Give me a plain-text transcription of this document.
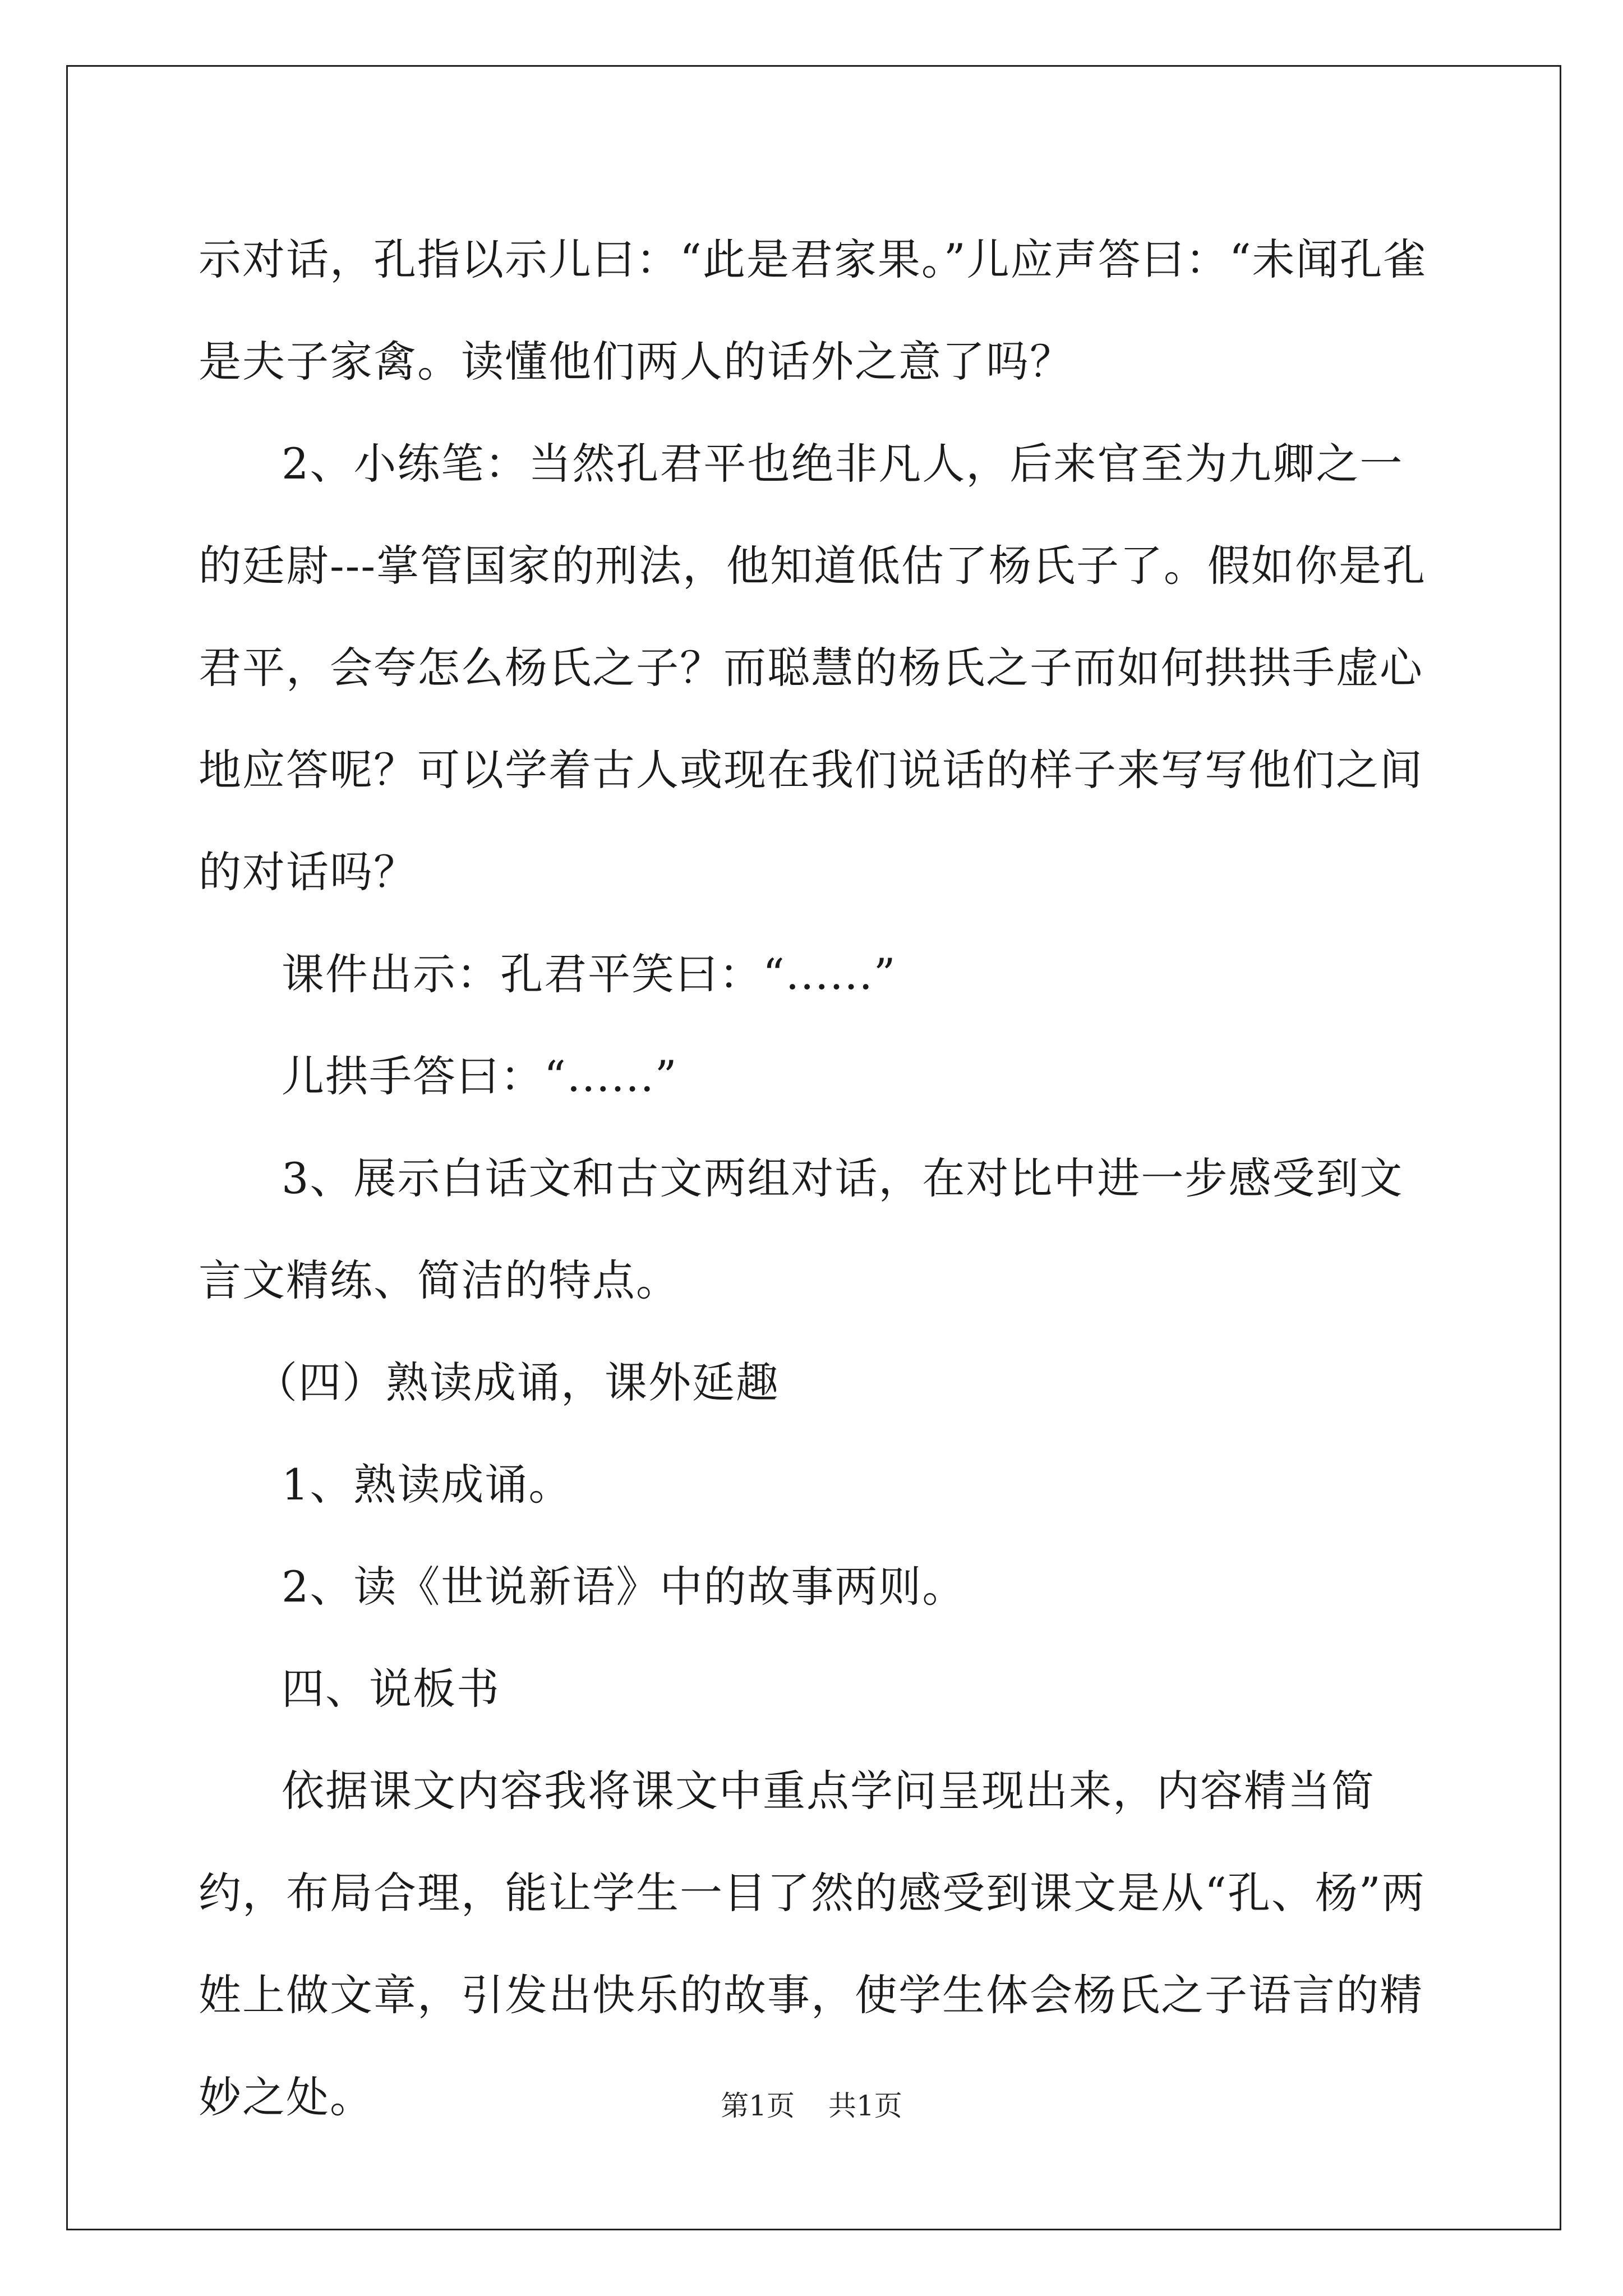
示对话，孔指以示儿曰：“此是君家果。”儿应声答曰：“未闻孔雀是夫子家禽。读懂他们两人的话外之意了吗？

2、小练笔：当然孔君平也绝非凡人，后来官至为九卿之一的廷尉---掌管国家的刑法，他知道低估了杨氏子了。假如你是孔君平，会夸怎么杨氏之子？而聪慧的杨氏之子而如何拱拱手虚心地应答呢？可以学着古人或现在我们说话的样子来写写他们之间的对话吗？

课件出示：孔君平笑曰：“......”

儿拱手答曰：“......”

3、展示白话文和古文两组对话，在对比中进一步感受到文言文精练、简洁的特点。

（四）熟读成诵，课外延趣

1、熟读成诵。

2、读《世说新语》中的故事两则。

四、说板书

依据课文内容我将课文中重点学问呈现出来，内容精当简约，布局合理，能让学生一目了然的感受到课文是从“孔、杨”两姓上做文章，引发出快乐的故事，使学生体会杨氏之子语言的精妙之处。	第1页 共1页
